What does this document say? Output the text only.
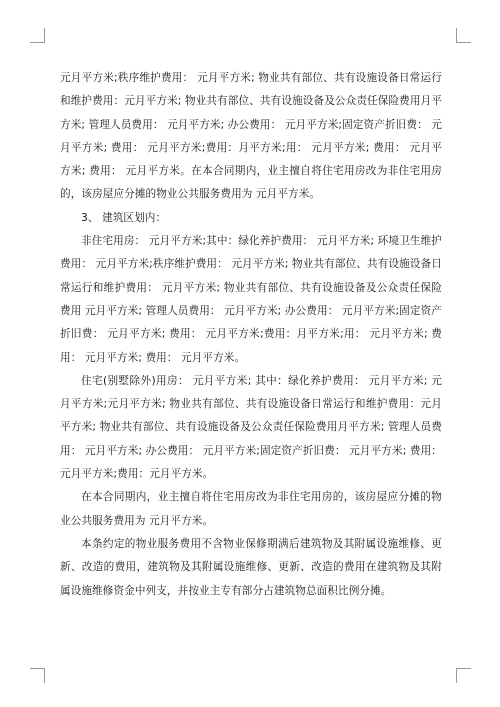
元月平方米;秩序维护费用： 元月平方米; 物业共有部位、共有设施设备日常运行和维护费用：元月平方米; 物业共有部位、共有设施设备及公众责任保险费用月平方米; 管理人员费用： 元月平方米; 办公费用： 元月平方米;固定资产折旧费： 元月平方米; 费用： 元月平方米;费用：月平方米;用： 元月平方米; 费用： 元月平方米; 费用： 元月平方米。在本合同期内，业主擅自将住宅用房改为非住宅用房的，该房屋应分摊的物业公共服务费用为 元月平方米。

3、 建筑区划内：

非住宅用房： 元月平方米;其中：绿化养护费用： 元月平方米; 环境卫生维护费用： 元月平方米;秩序维护费用： 元月平方米; 物业共有部位、共有设施设备日常运行和维护费用： 元月平方米; 物业共有部位、共有设施设备及公众责任保险费用 元月平方米; 管理人员费用： 元月平方米; 办公费用： 元月平方米;固定资产折旧费： 元月平方米; 费用： 元月平方米;费用：月平方米;用： 元月平方米; 费用： 元月平方米; 费用： 元月平方米。

住宅(别墅除外)用房： 元月平方米; 其中：绿化养护费用： 元月平方米; 元月平方米;元月平方米; 物业共有部位、共有设施设备日常运行和维护费用：元月平方米; 物业共有部位、共有设施设备及公众责任保险费用月平方米; 管理人员费用： 元月平方米; 办公费用： 元月平方米;固定资产折旧费： 元月平方米; 费用： 元月平方米;费用：元月平方米。

在本合同期内，业主擅自将住宅用房改为非住宅用房的，该房屋应分摊的物业公共服务费用为 元月平方米。

本条约定的物业服务费用不含物业保修期满后建筑物及其附属设施维修、更新、改造的费用，建筑物及其附属设施维修、更新、改造的费用在建筑物及其附属设施维修资金中列支，并按业主专有部分占建筑物总面积比例分摊。
